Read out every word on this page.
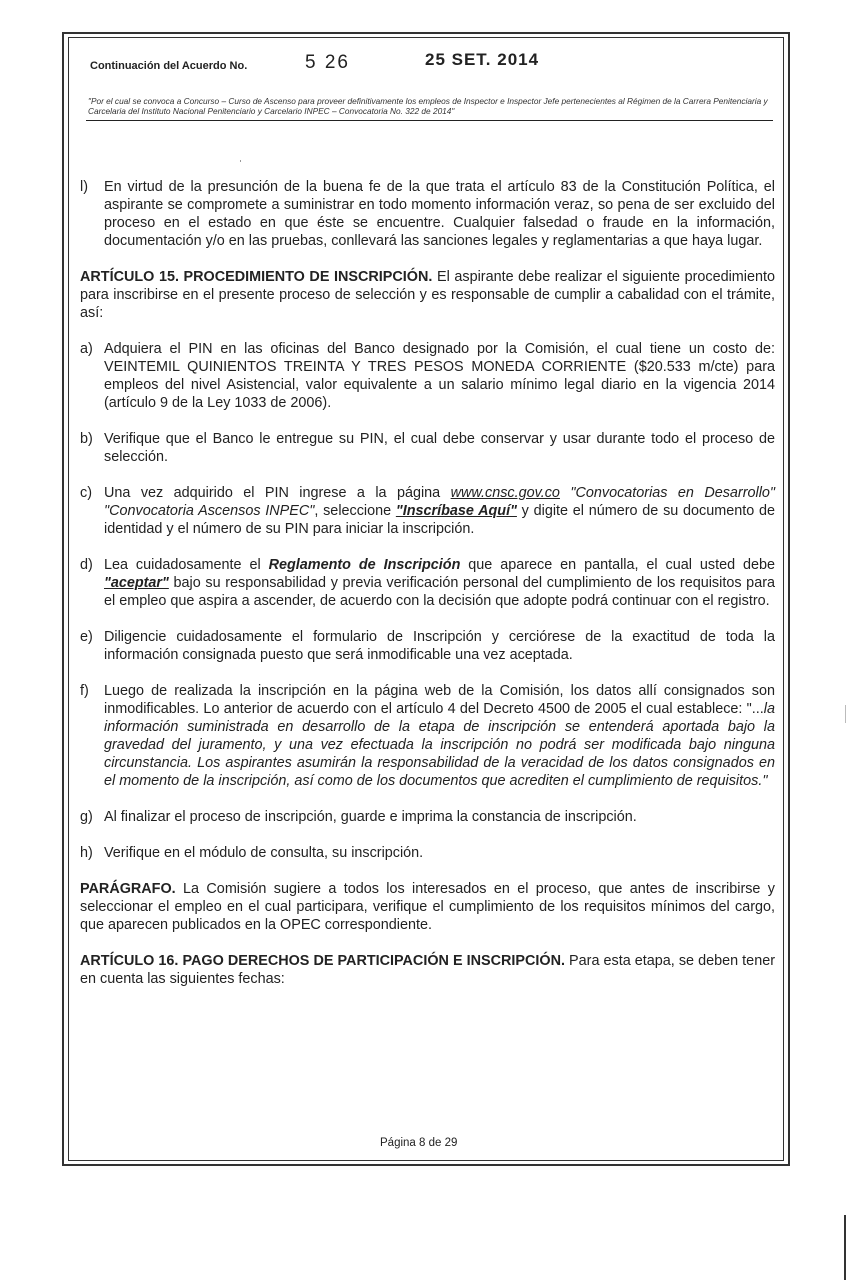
Continuación del Acuerdo No.	5 26	25 SET. 2014
"Por el cual se convoca a Concurso – Curso de Ascenso para proveer definitivamente los empleos de Inspector e Inspector Jefe pertenecientes al Régimen de la Carrera Penitenciaria y Carcelaria del Instituto Nacional Penitenciario y Carcelario INPEC – Convocatoria No. 322 de 2014"
l)	En virtud de la presunción de la buena fe de la que trata el artículo 83 de la Constitución Política, el aspirante se compromete a suministrar en todo momento información veraz, so pena de ser excluido del proceso en el estado en que éste se encuentre. Cualquier falsedad o fraude en la información, documentación y/o en las pruebas, conllevará las sanciones legales y reglamentarias a que haya lugar.

ARTÍCULO 15. PROCEDIMIENTO DE INSCRIPCIÓN. El aspirante debe realizar el siguiente procedimiento para inscribirse en el presente proceso de selección y es responsable de cumplir a cabalidad con el trámite, así:

a) Adquiera el PIN en las oficinas del Banco designado por la Comisión, el cual tiene un costo de: VEINTEMIL QUINIENTOS TREINTA Y TRES PESOS MONEDA CORRIENTE ($20.533 m/cte) para empleos del nivel Asistencial, valor equivalente a un salario mínimo legal diario en la vigencia 2014 (artículo 9 de la Ley 1033 de 2006).
b) Verifique que el Banco le entregue su PIN, el cual debe conservar y usar durante todo el proceso de selección.
c) Una vez adquirido el PIN ingrese a la página www.cnsc.gov.co "Convocatorias en Desarrollo" "Convocatoria Ascensos INPEC", seleccione "Inscríbase Aquí" y digite el número de su documento de identidad y el número de su PIN para iniciar la inscripción.
d) Lea cuidadosamente el Reglamento de Inscripción que aparece en pantalla, el cual usted debe "aceptar" bajo su responsabilidad y previa verificación personal del cumplimiento de los requisitos para el empleo que aspira a ascender, de acuerdo con la decisión que adopte podrá continuar con el registro.
e) Diligencie cuidadosamente el formulario de Inscripción y cerciórese de la exactitud de toda la información consignada puesto que será inmodificable una vez aceptada.
f)	Luego de realizada la inscripción en la página web de la Comisión, los datos allí consignados son inmodificables. Lo anterior de acuerdo con el artículo 4 del Decreto 4500 de 2005 el cual establece: "...la información suministrada en desarrollo de la etapa de inscripción se entenderá aportada bajo la gravedad del juramento, y una vez efectuada la inscripción no podrá ser modificada bajo ninguna circunstancia. Los aspirantes asumirán la responsabilidad de la veracidad de los datos consignados en el momento de la inscripción, así como de los documentos que acrediten el cumplimiento de requisitos."
g) Al finalizar el proceso de inscripción, guarde e imprima la constancia de inscripción.
h) Verifique en el módulo de consulta, su inscripción.

PARÁGRAFO. La Comisión sugiere a todos los interesados en el proceso, que antes de inscribirse y seleccionar el empleo en el cual participara, verifique el cumplimiento de los requisitos mínimos del cargo, que aparecen publicados en la OPEC correspondiente.

ARTÍCULO 16. PAGO DERECHOS DE PARTICIPACIÓN E INSCRIPCIÓN. Para esta etapa, se deben tener en cuenta las siguientes fechas:

Página 8 de 29
